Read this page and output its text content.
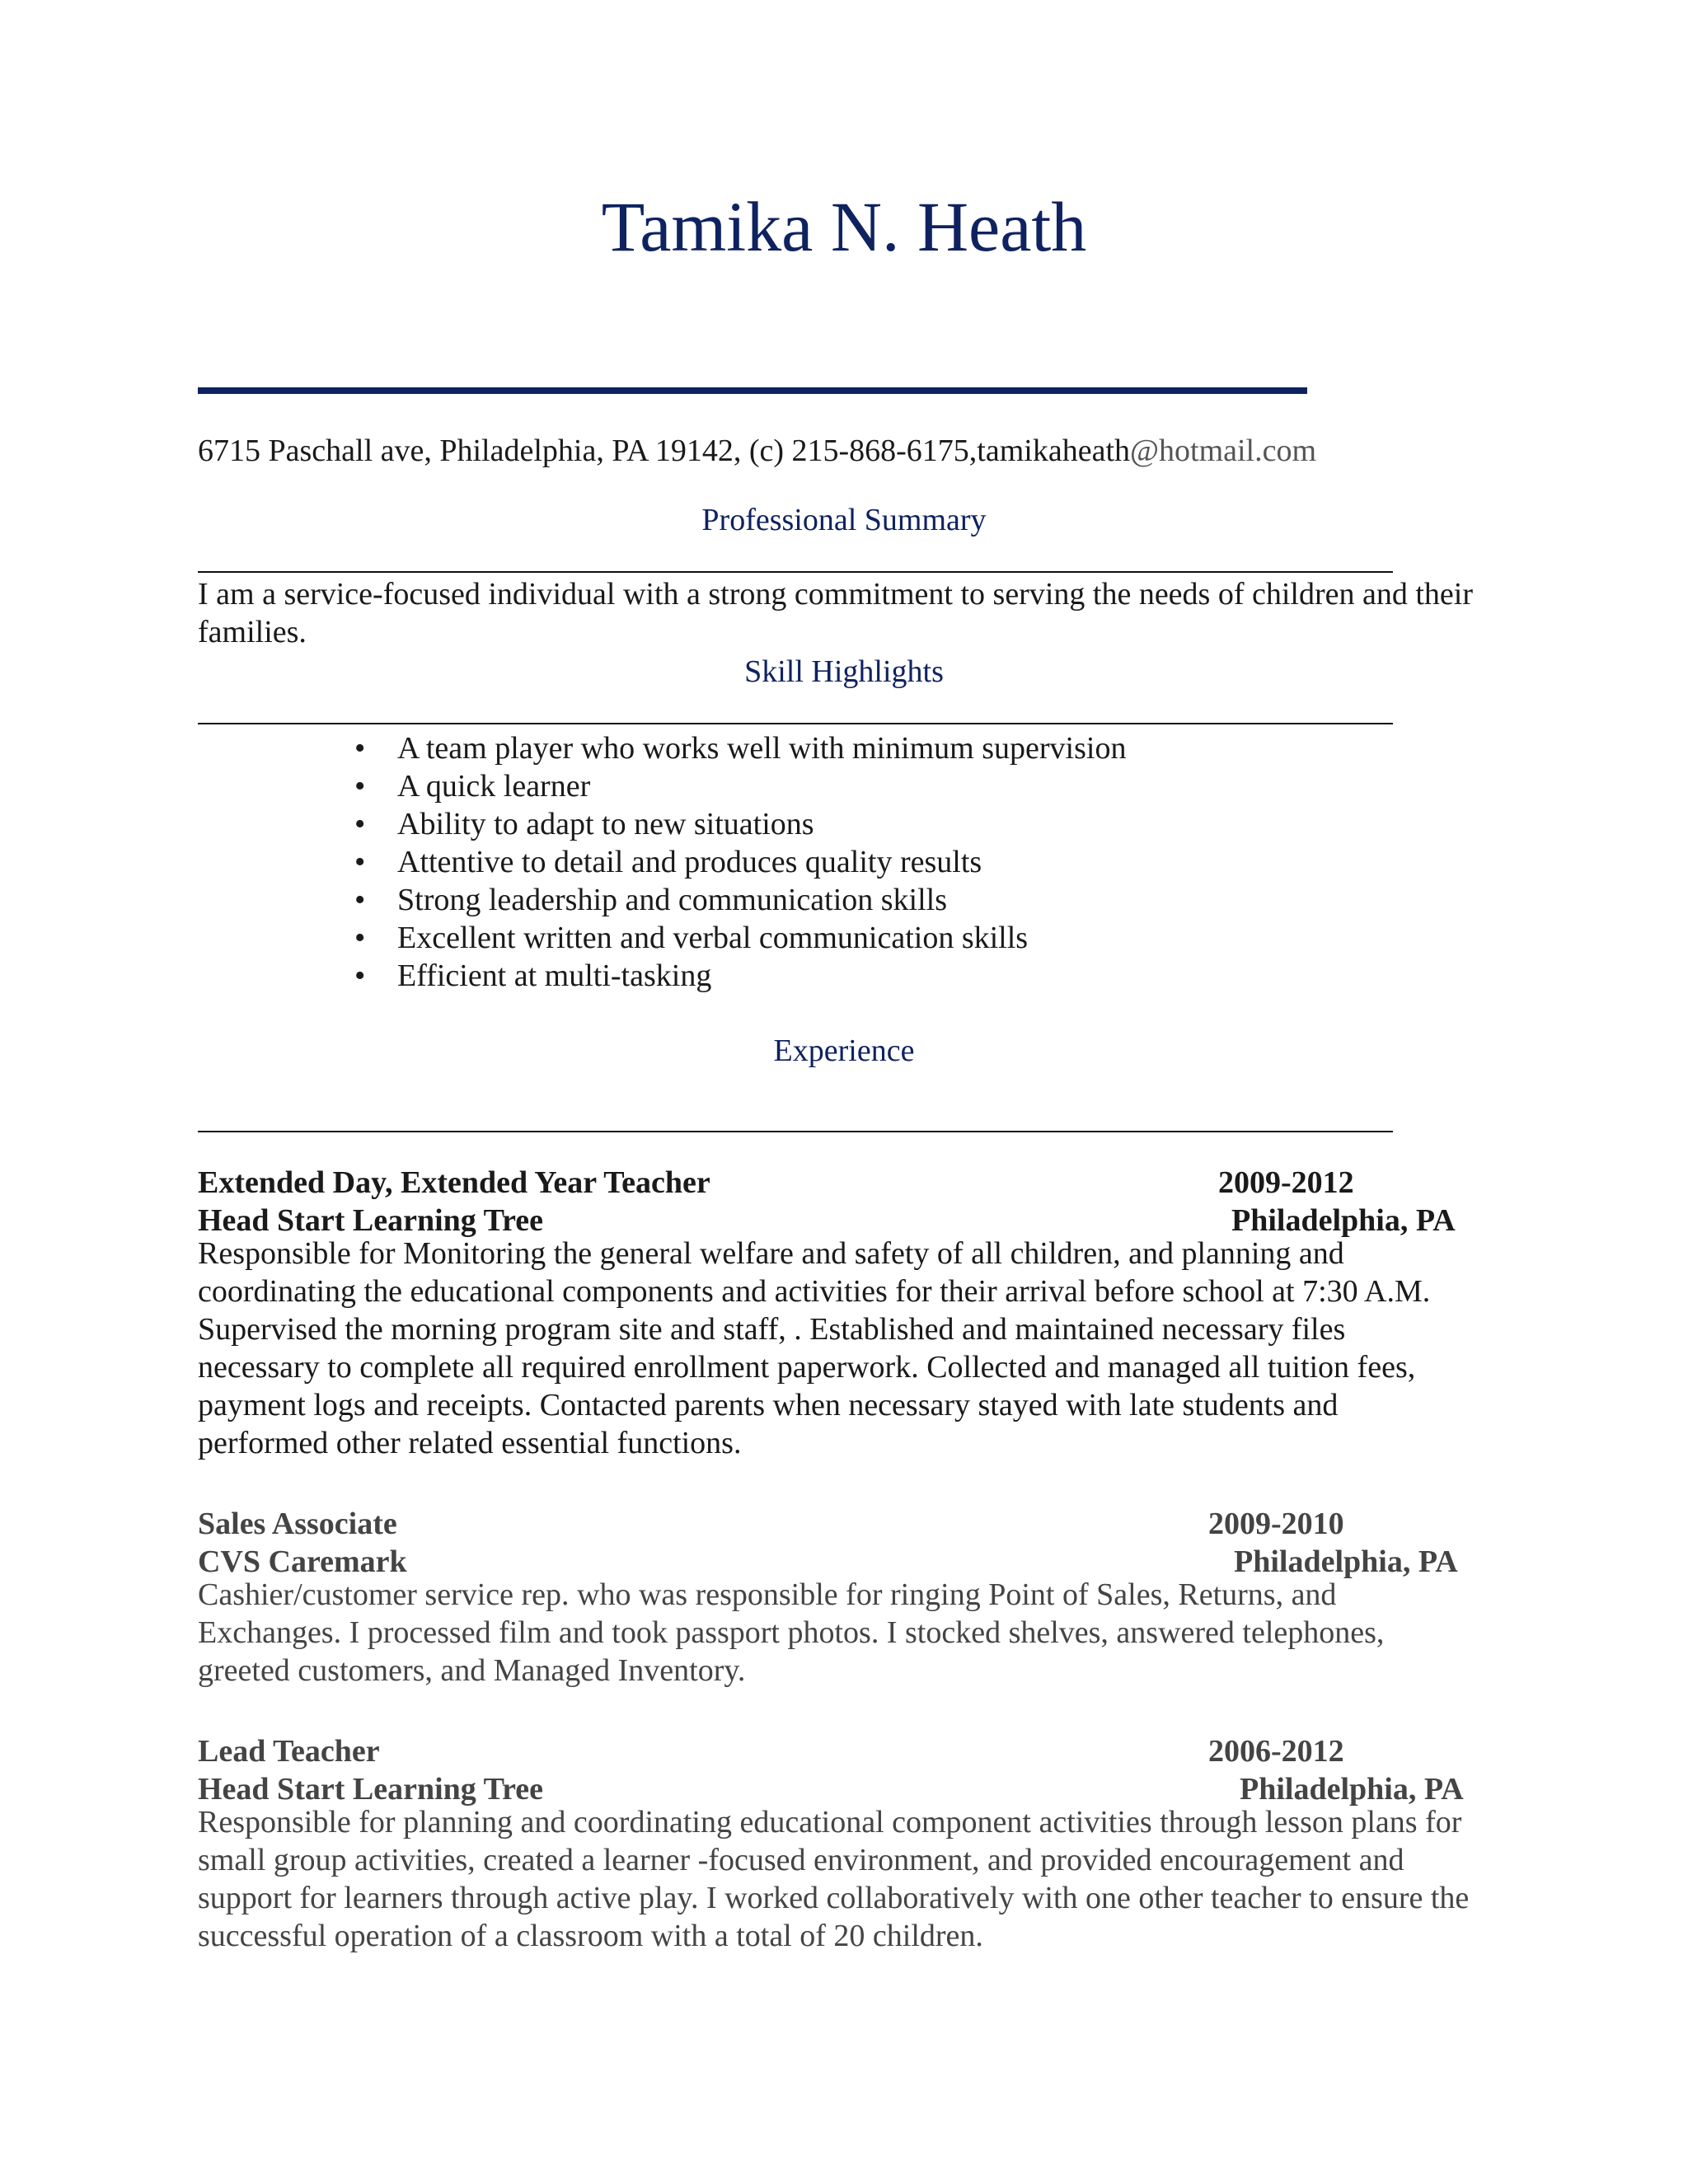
Tamika N. Heath
6715 Paschall ave, Philadelphia, PA 19142, (c) 215-868-6175,tamikaheath@hotmail.com
Professional Summary
I am a service-focused individual with a strong commitment to serving the needs of children and their families.
Skill Highlights
• A team player who works well with minimum supervision
• A quick learner
• Ability to adapt to new situations
• Attentive to detail and produces quality results
• Strong leadership and communication skills
• Excellent written and verbal communication skills
• Efficient at multi-tasking
Experience
Extended Day, Extended Year Teacher	2009-2012
Head Start Learning Tree	Philadelphia, PA
Responsible for Monitoring the general welfare and safety of all children, and planning and coordinating the educational components and activities for their arrival before school at 7:30 A.M. Supervised the morning program site and staff, . Established and maintained necessary files necessary to complete all required enrollment paperwork. Collected and managed all tuition fees, payment logs and receipts. Contacted parents when necessary stayed with late students and performed other related essential functions.
Sales Associate	2009-2010
CVS Caremark	Philadelphia, PA
Cashier/customer service rep. who was responsible for ringing Point of Sales, Returns, and Exchanges. I processed film and took passport photos. I stocked shelves, answered telephones, greeted customers, and Managed Inventory.
Lead Teacher	2006-2012
Head Start Learning Tree	Philadelphia, PA
Responsible for planning and coordinating educational component activities through lesson plans for small group activities, created a learner -focused environment, and provided encouragement and support for learners through active play. I worked collaboratively with one other teacher to ensure the successful operation of a classroom with a total of 20 children.
